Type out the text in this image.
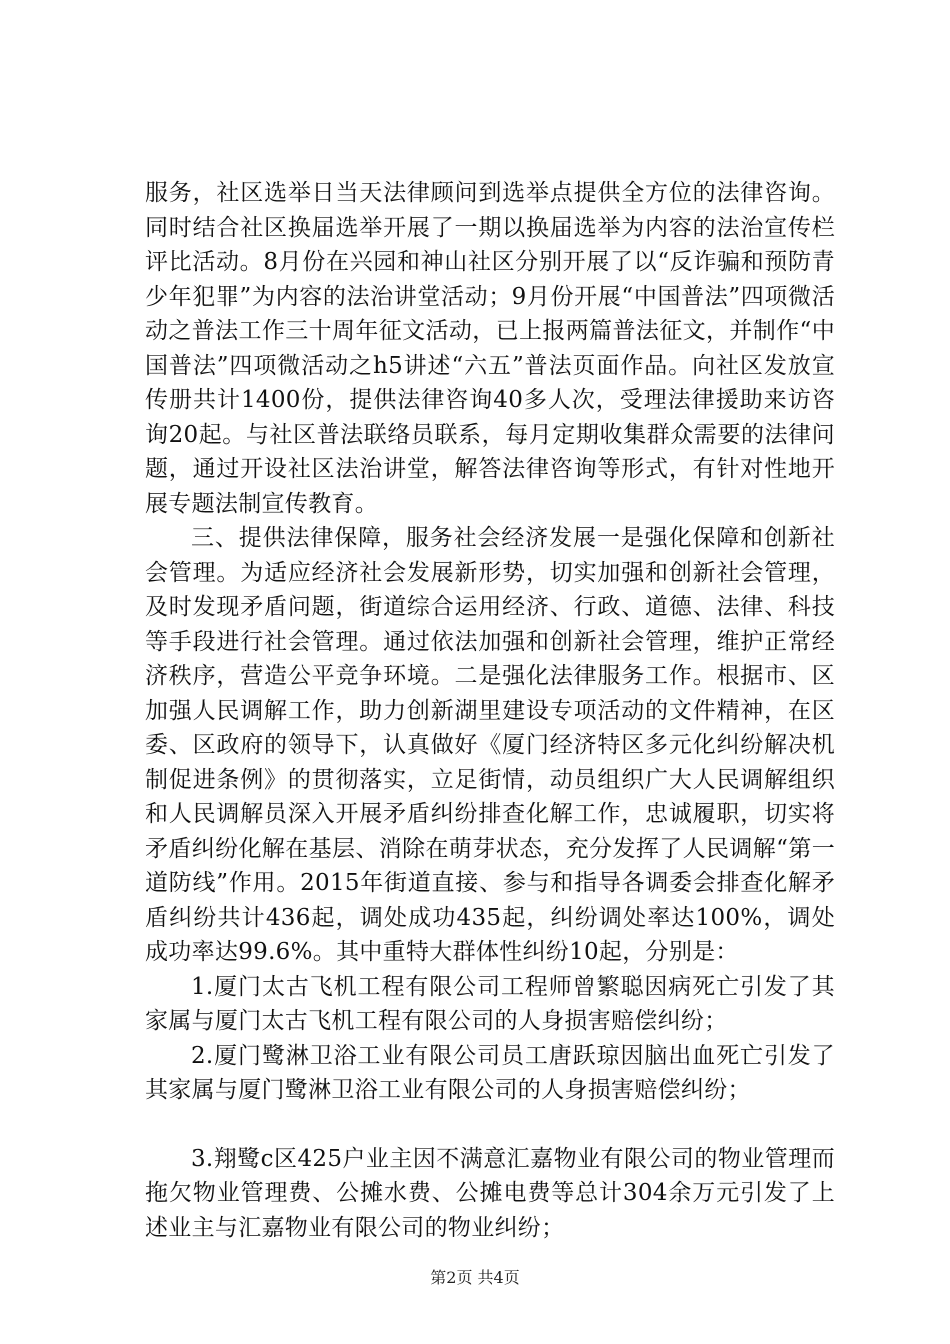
服务，社区选举日当天法律顾问到选举点提供全方位的法律咨询。同时结合社区换届选举开展了一期以换届选举为内容的法治宣传栏评比活动。8月份在兴园和神山社区分别开展了以“反诈骗和预防青少年犯罪”为内容的法治讲堂活动；9月份开展“中国普法”四项微活动之普法工作三十周年征文活动，已上报两篇普法征文，并制作“中国普法”四项微活动之h5讲述“六五”普法页面作品。向社区发放宣传册共计1400份，提供法律咨询40多人次，受理法律援助来访咨询20起。与社区普法联络员联系，每月定期收集群众需要的法律问题，通过开设社区法治讲堂，解答法律咨询等形式，有针对性地开展专题法制宣传教育。

三、提供法律保障，服务社会经济发展一是强化保障和创新社会管理。为适应经济社会发展新形势，切实加强和创新社会管理，及时发现矛盾问题，街道综合运用经济、行政、道德、法律、科技等手段进行社会管理。通过依法加强和创新社会管理，维护正常经济秩序，营造公平竞争环境。二是强化法律服务工作。根据市、区加强人民调解工作，助力创新湖里建设专项活动的文件精神，在区委、区政府的领导下，认真做好《厦门经济特区多元化纠纷解决机制促进条例》的贯彻落实，立足街情，动员组织广大人民调解组织和人民调解员深入开展矛盾纠纷排查化解工作，忠诚履职，切实将矛盾纠纷化解在基层、消除在萌芽状态，充分发挥了人民调解“第一道防线”作用。2015年街道直接、参与和指导各调委会排查化解矛盾纠纷共计436起，调处成功435起，纠纷调处率达100%，调处成功率达99.6%。其中重特大群体性纠纷10起，分别是：

1.厦门太古飞机工程有限公司工程师曾繁聪因病死亡引发了其家属与厦门太古飞机工程有限公司的人身损害赔偿纠纷；

2.厦门鹭淋卫浴工业有限公司员工唐跃琼因脑出血死亡引发了其家属与厦门鹭淋卫浴工业有限公司的人身损害赔偿纠纷；

3.翔鹭c区425户业主因不满意汇嘉物业有限公司的物业管理而拖欠物业管理费、公摊水费、公摊电费等总计304余万元引发了上述业主与汇嘉物业有限公司的物业纠纷；

第2页 共4页
